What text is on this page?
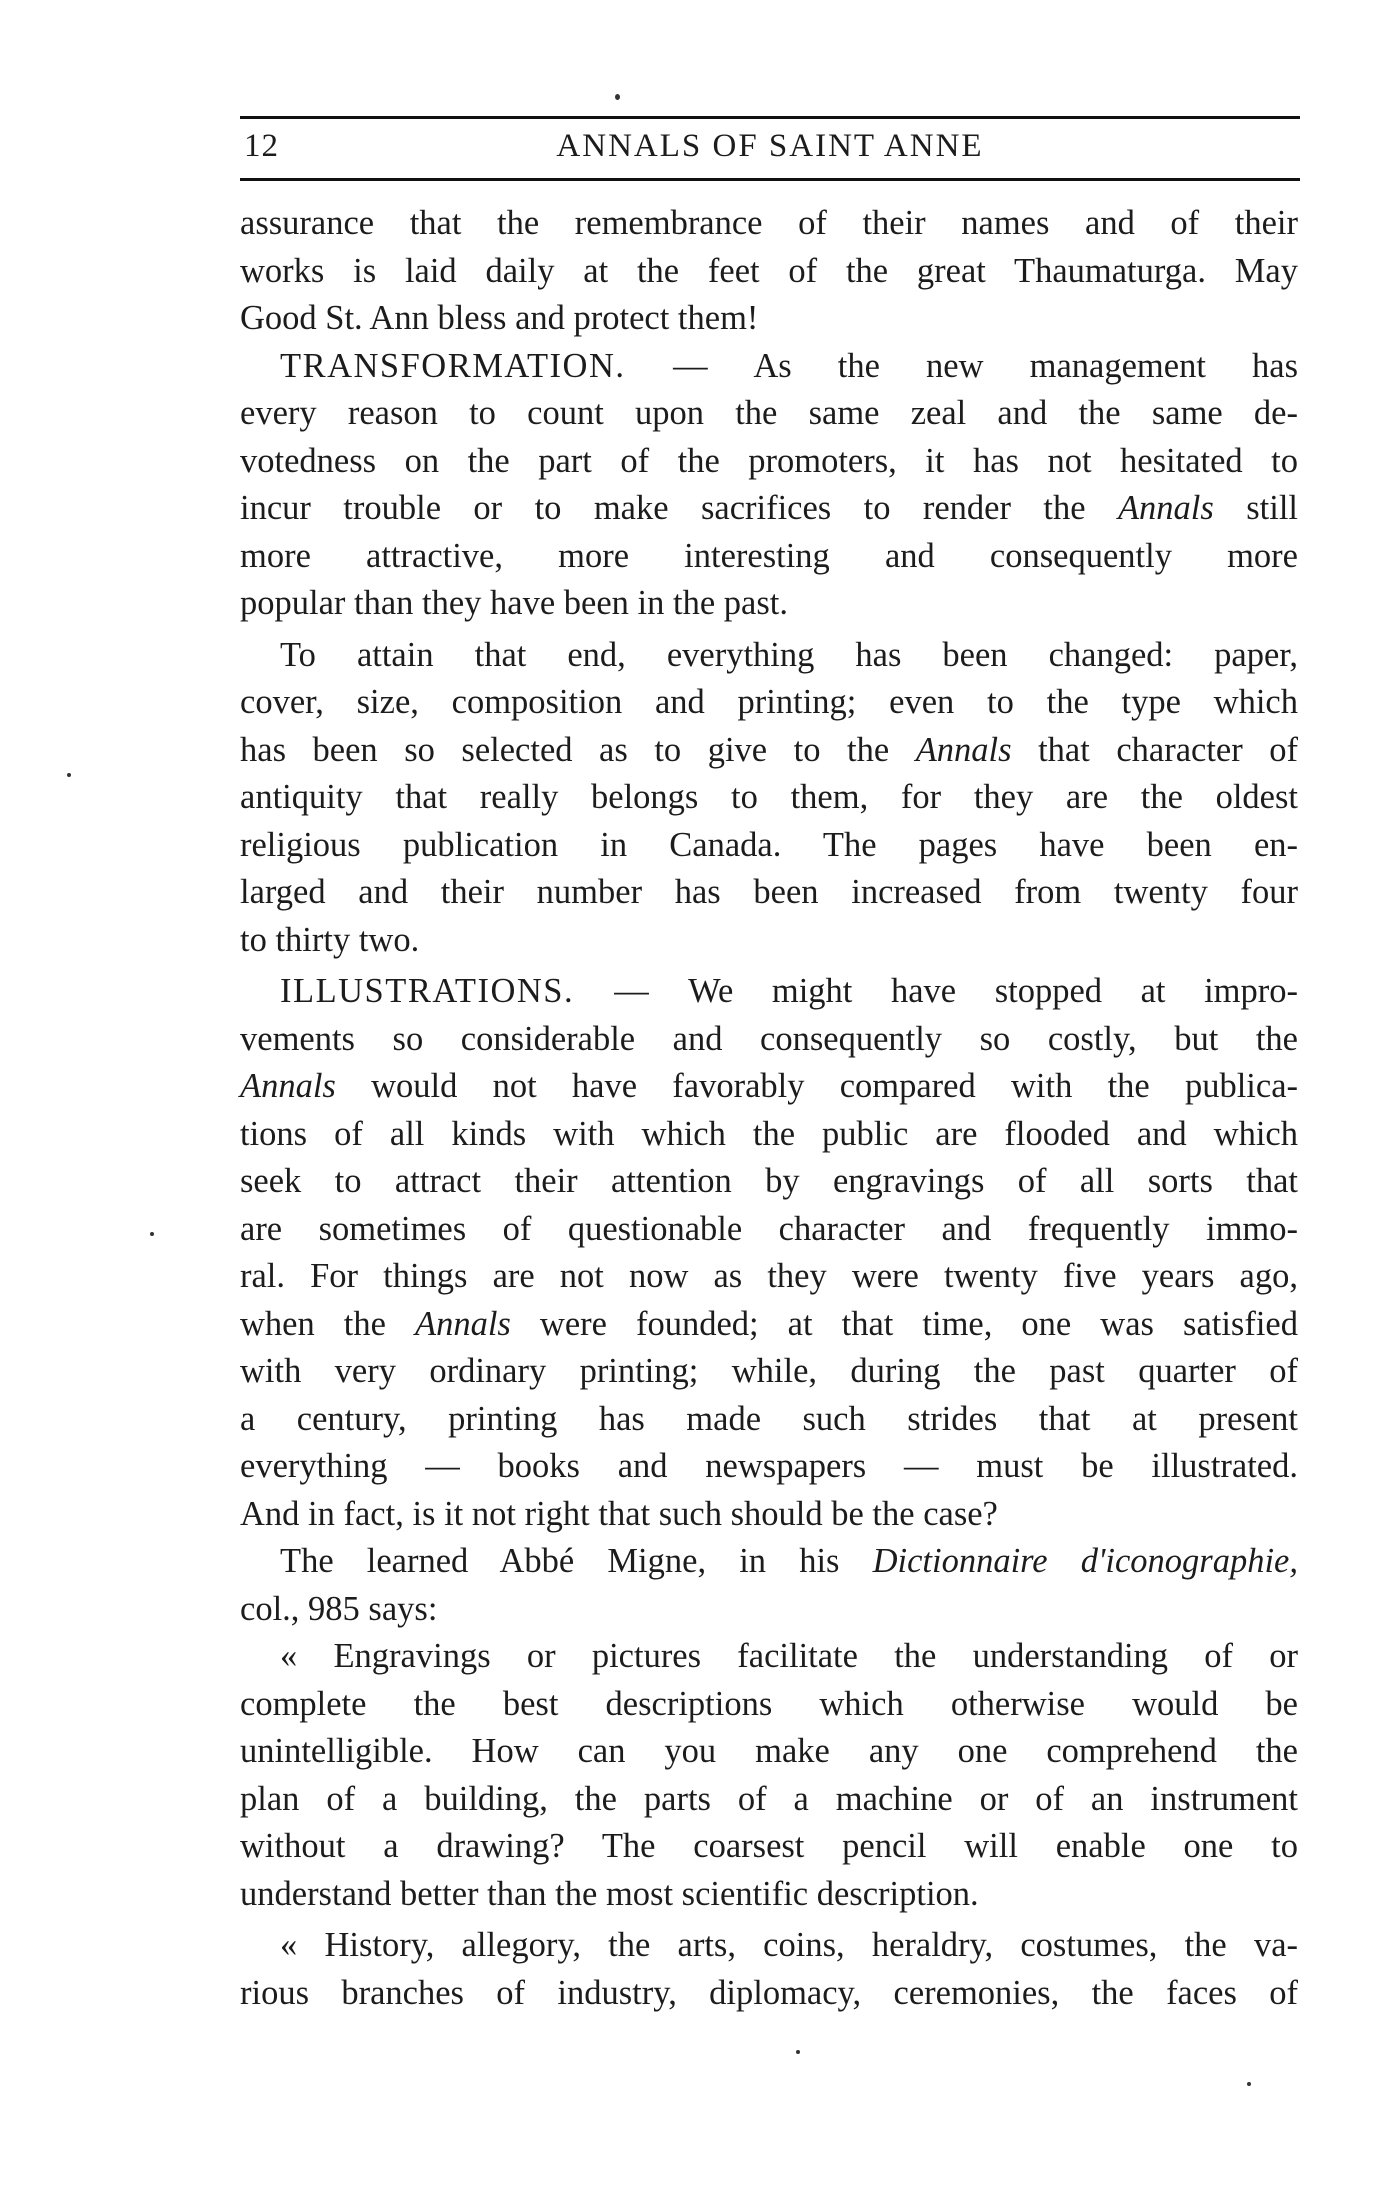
12	ANNALS OF SAINT ANNE
assurance that the remembrance of their names and of their
works is laid daily at the feet of the great Thaumaturga. May
Good St. Ann bless and protect them!
TRANSFORMATION. — As the new management has
every reason to count upon the same zeal and the same de-
votedness on the part of the promoters, it has not hesitated to
incur trouble or to make sacrifices to render the Annals still
more attractive, more interesting and consequently more
popular than they have been in the past.
To attain that end, everything has been changed: paper,
cover, size, composition and printing; even to the type which
has been so selected as to give to the Annals that character of
antiquity that really belongs to them, for they are the oldest
religious publication in Canada. The pages have been en-
larged and their number has been increased from twenty four
to thirty two.
ILLUSTRATIONS. — We might have stopped at impro-
vements so considerable and consequently so costly, but the
Annals would not have favorably compared with the publica-
tions of all kinds with which the public are flooded and which
seek to attract their attention by engravings of all sorts that
are sometimes of questionable character and frequently immo-
ral. For things are not now as they were twenty five years ago,
when the Annals were founded; at that time, one was satisfied
with very ordinary printing; while, during the past quarter of
a century, printing has made such strides that at present
everything — books and newspapers — must be illustrated.
And in fact, is it not right that such should be the case?
The learned Abbé Migne, in his Dictionnaire d'iconographie,
col., 985 says:
« Engravings or pictures facilitate the understanding of or
complete the best descriptions which otherwise would be
unintelligible. How can you make any one comprehend the
plan of a building, the parts of a machine or of an instrument
without a drawing? The coarsest pencil will enable one to
understand better than the most scientific description.
« History, allegory, the arts, coins, heraldry, costumes, the va-
rious branches of industry, diplomacy, ceremonies, the faces of
